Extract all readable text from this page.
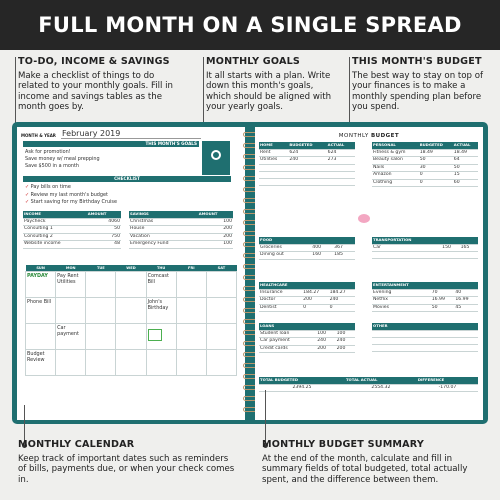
FULL MONTH ON A SINGLE SPREAD
TO-DO, INCOME & SAVINGS
Make a checklist of things to do related to your monthly goals. Fill in income and savings tables as the month goes by.
MONTHLY GOALS
It all starts with a plan. Write down this month's goals, which should be aligned with your yearly goals.
THIS MONTH'S BUDGET
The best way to stay on top of your finances is to make a monthly spending plan before you spend.
MONTH & YEAR February 2019
THIS MONTH'S GOALS
Ask for promotion!
Save money w/ meal prepping
Save $500 in a month
CHECKLIST
✓ Pay bills on time
✓ Review my last month's budget
✓ Start saving for my Birthday Cruise
INCOME	AMOUNT
Paycheck	4060
Consulting 1	50
Consulting 2	750
Website income	48
SAVINGS	AMOUNT
Christmas	100
House	200
Vacation	200
Emergency Fund	100
SUN	MON	TUE	WED	THU	FRI	SAT
PAYDAY	Pay Rent Utilities			Comcast Bill		
Phone Bill				John's Birthday		
	Car payment			

Budget Review						
MONTHLY BUDGET
HOME	BUDGETED	ACTUAL
Rent	624	624
Utilities	240	273

PERSONAL	BUDGETED	ACTUAL
Fitness & gym	18.49	18.49
Beauty salon	50	64
Nails	30	50
Amazon	0	15
Clothing	0	60
FOOD		
Groceries	400	367
Dining out	160	185
TRANSPORTATION		
Car	150	165

HEALTHCARE		
Insurance	184.27	184.27
Doctor	200	240
Dentist	0	0
ENTERTAINMENT		
Evening	70	40
Netflix	16.99	16.99
Movies	50	45
LOANS		
Student loan	100	100
Car payment	240	240
Credit cards	200	200
OTHER		

TOTAL BUDGETED	TOTAL ACTUAL	DIFFERENCE
2394.25	2554.32	-170.07
MONTHLY CALENDAR
Keep track of important dates such as reminders of bills, payments due, or when your check comes in.
MONTHLY BUDGET SUMMARY
At the end of the month, calculate and fill in summary fields of total budgeted, total actually spent, and the difference between them.
